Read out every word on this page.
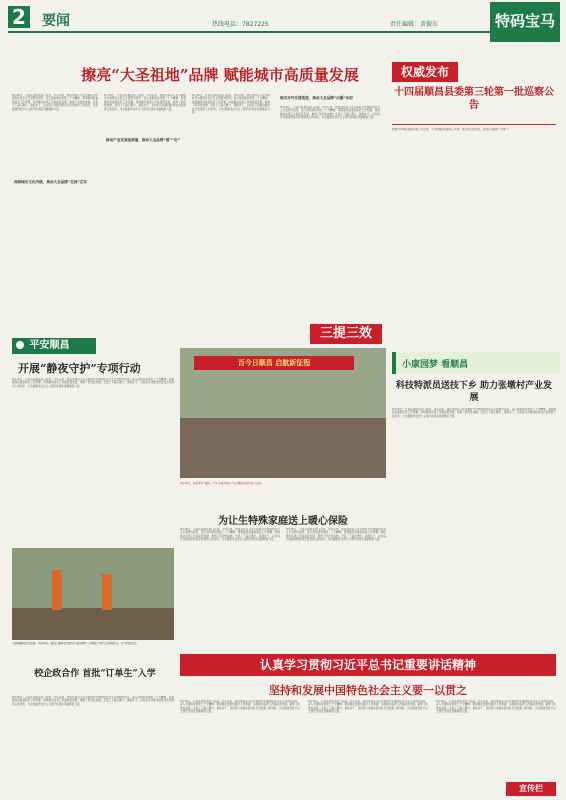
2 要闻	热线电话：7827225	责任编辑：黄振东	特码宝马
擦亮“大圣祖地”品牌 赋能城市高质量发展
8月16日，记者从县相关部门获悉，今年以来，我县坚持以习近平新时代中国特色社会主义思想为指导，深入贯彻落实党的二十大精神，紧紧围绕县委县政府工作部署，持续推动各项工作高质量发展，取得了阶段性成效。全县上下凝心聚力、真抓实干，以实际行动推动经济社会发展再上新台阶，为全面建设社会主义现代化国家贡献顺昌力量。
深耕城市文化内核，推动大圣品牌“走深”走实
8月16日，记者从县相关部门获悉，今年以来，我县坚持以习近平新时代中国特色社会主义思想为指导，深入贯彻落实党的二十大精神，紧紧围绕县委县政府工作部署，持续推动各项工作高质量发展，取得了阶段性成效。全县上下凝心聚力、真抓实干，以实际行动推动经济社会发展再上新台阶，为全面建设社会主义现代化国家贡献顺昌力量。
推动产业发展高质量，推动大圣品牌“落”“化”
8月16日，记者从县相关部门获悉，今年以来，我县坚持以习近平新时代中国特色社会主义思想为指导，深入贯彻落实党的二十大精神，紧紧围绕县委县政府工作部署，持续推动各项工作高质量发展，取得了阶段性成效。全县上下凝心聚力、真抓实干，以实际行动推动经济社会发展再上新台阶，为全面建设社会主义现代化国家贡献顺昌力量。
做实对外交流渠道，推动大圣品牌“出圈”出彩
8月16日，记者从县相关部门获悉，今年以来，我县坚持以习近平新时代中国特色社会主义思想为指导，深入贯彻落实党的二十大精神，紧紧围绕县委县政府工作部署，持续推动各项工作高质量发展，取得了阶段性成效。全县上下凝心聚力、真抓实干，以实际行动推动经济社会发展再上新台阶，为全面建设社会主义现代化国家贡献顺昌力量。
权威发布
十四届顺昌县委第三轮第一批巡察公告
根据中共顺昌县委巡察工作安排，十四届顺昌县委第三轮第一批巡察已经进驻，现将有关事项公告如下：
平安顺昌
开展“静夜守护”专项行动
8月16日，记者从县相关部门获悉，今年以来，我县坚持以习近平新时代中国特色社会主义思想为指导，深入贯彻落实党的二十大精神，紧紧围绕县委县政府工作部署，持续推动各项工作高质量发展，取得了阶段性成效。全县上下凝心聚力、真抓实干，以实际行动推动经济社会发展再上新台阶，为全面建设社会主义现代化国家贡献顺昌力量。
为消除蜡树安全隐患，9月16日，顺昌公路事业发展中心组织养护工对蜡尼开展大量伐树砍伐，全力护路安全。
校企政合作 首批“订单生”入学
8月16日，记者从县相关部门获悉，今年以来，我县坚持以习近平新时代中国特色社会主义思想为指导，深入贯彻落实党的二十大精神，紧紧围绕县委县政府工作部署，持续推动各项工作高质量发展，取得了阶段性成效。全县上下凝心聚力、真抓实干，以实际行动推动经济社会发展再上新台阶，为全面建设社会主义现代化国家贡献顺昌力量。
三提三效
百今日顺昌 启航新征程
9月16日，我县举办“桑园三十年 有我共成长”为主题的全国科普日活动。
为让生特殊家庭送上暖心保险
8月16日，记者从县相关部门获悉，今年以来，我县坚持以习近平新时代中国特色社会主义思想为指导，深入贯彻落实党的二十大精神，紧紧围绕县委县政府工作部署，持续推动各项工作高质量发展，取得了阶段性成效。全县上下凝心聚力、真抓实干，以实际行动推动经济社会发展再上新台阶，为全面建设社会主义现代化国家贡献顺昌力量。
8月16日，记者从县相关部门获悉，今年以来，我县坚持以习近平新时代中国特色社会主义思想为指导，深入贯彻落实党的二十大精神，紧紧围绕县委县政府工作部署，持续推动各项工作高质量发展，取得了阶段性成效。全县上下凝心聚力、真抓实干，以实际行动推动经济社会发展再上新台阶，为全面建设社会主义现代化国家贡献顺昌力量。
小康园梦 看顺昌
科技特派员送技下乡 助力张墩村产业发展
8月16日，记者从县相关部门获悉，今年以来，我县坚持以习近平新时代中国特色社会主义思想为指导，深入贯彻落实党的二十大精神，紧紧围绕县委县政府工作部署，持续推动各项工作高质量发展，取得了阶段性成效。全县上下凝心聚力、真抓实干，以实际行动推动经济社会发展再上新台阶，为全面建设社会主义现代化国家贡献顺昌力量。
认真学习贯彻习近平总书记重要讲话精神
坚持和发展中国特色社会主义要一以贯之
8月16日，记者从县相关部门获悉，今年以来，我县坚持以习近平新时代中国特色社会主义思想为指导，深入贯彻落实党的二十大精神，紧紧围绕县委县政府工作部署，持续推动各项工作高质量发展，取得了阶段性成效。全县上下凝心聚力、真抓实干，以实际行动推动经济社会发展再上新台阶，为全面建设社会主义现代化国家贡献顺昌力量。
8月16日，记者从县相关部门获悉，今年以来，我县坚持以习近平新时代中国特色社会主义思想为指导，深入贯彻落实党的二十大精神，紧紧围绕县委县政府工作部署，持续推动各项工作高质量发展，取得了阶段性成效。全县上下凝心聚力、真抓实干，以实际行动推动经济社会发展再上新台阶，为全面建设社会主义现代化国家贡献顺昌力量。
8月16日，记者从县相关部门获悉，今年以来，我县坚持以习近平新时代中国特色社会主义思想为指导，深入贯彻落实党的二十大精神，紧紧围绕县委县政府工作部署，持续推动各项工作高质量发展，取得了阶段性成效。全县上下凝心聚力、真抓实干，以实际行动推动经济社会发展再上新台阶，为全面建设社会主义现代化国家贡献顺昌力量。
宣传栏
